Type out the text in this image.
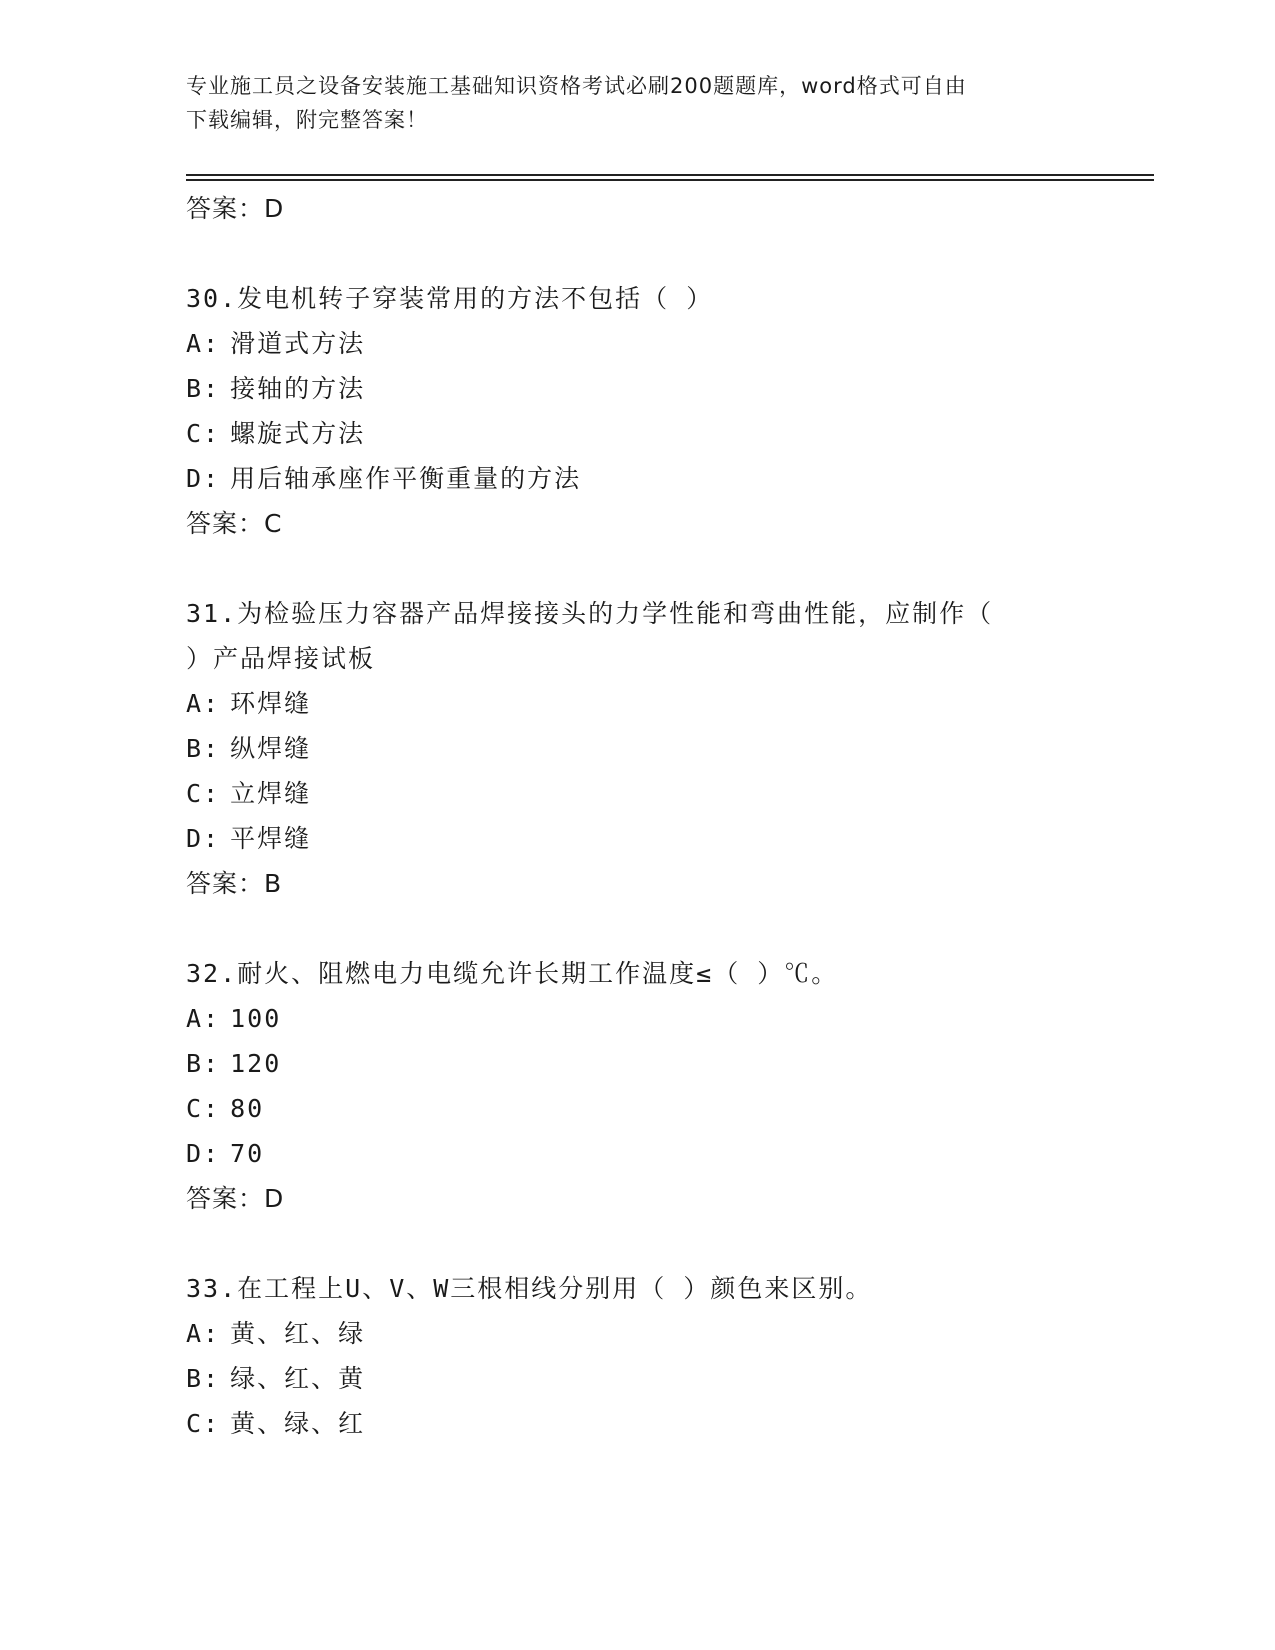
专业施工员之设备安装施工基础知识资格考试必刷200题题库，word格式可自由
下载编辑，附完整答案！
答案：D
30.发电机转子穿装常用的方法不包括（ ）
A: 滑道式方法
B: 接轴的方法
C: 螺旋式方法
D: 用后轴承座作平衡重量的方法
答案：C
31.为检验压力容器产品焊接接头的力学性能和弯曲性能，应制作（
）产品焊接试板
A: 环焊缝
B: 纵焊缝
C: 立焊缝
D: 平焊缝
答案：B
32.耐火、阻燃电力电缆允许长期工作温度≤（ ）℃。
A: 100
B: 120
C: 80
D: 70
答案：D
33.在工程上U、V、W三根相线分别用（ ）颜色来区别。
A: 黄、红、绿
B: 绿、红、黄
C: 黄、绿、红
